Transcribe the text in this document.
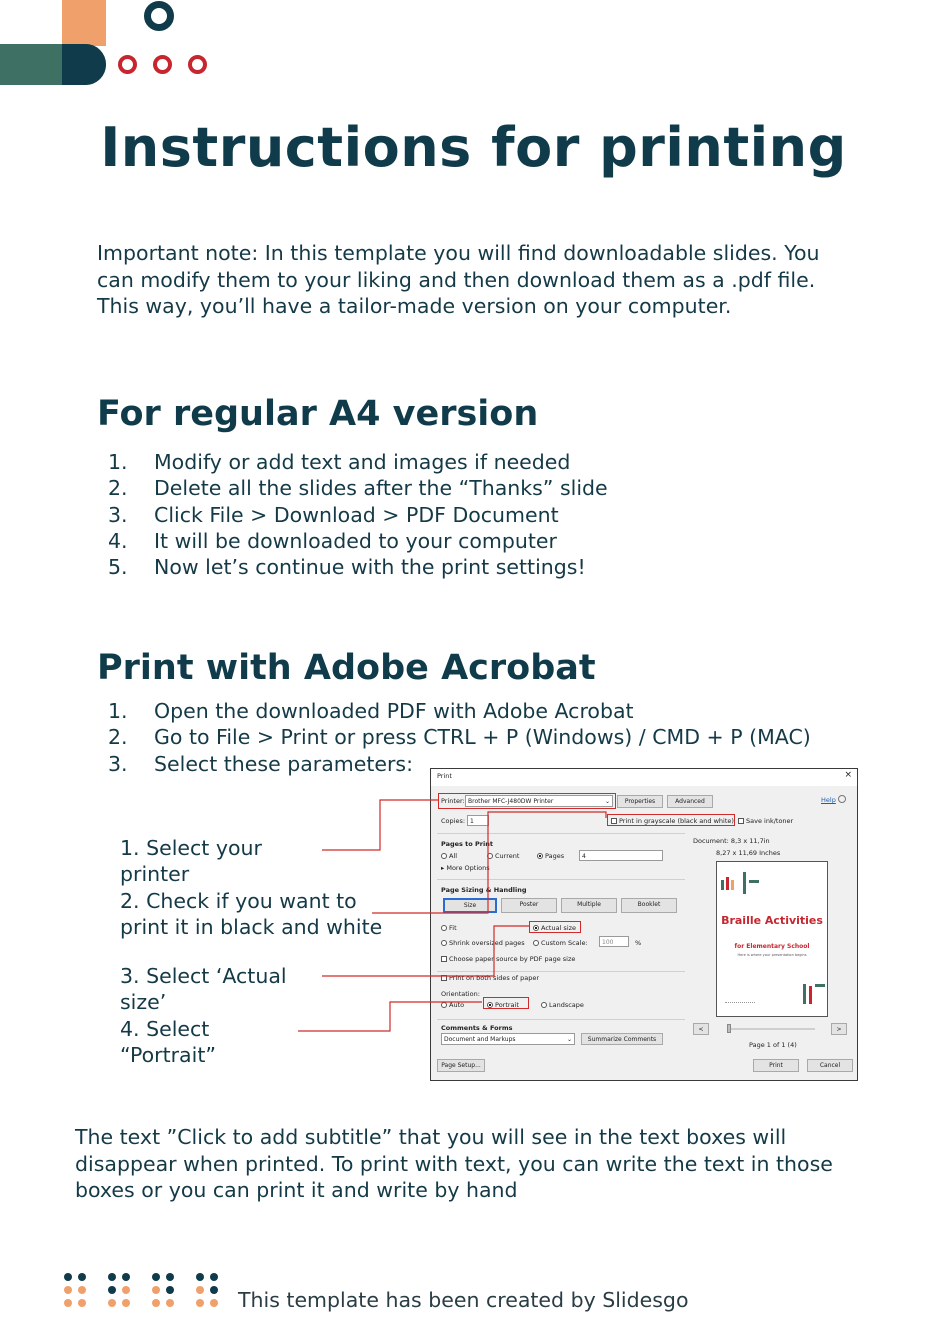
Instructions for printing
Important note: In this template you will find downloadable slides. You can modify them to your liking and then download them as a .pdf file. This way, you’ll have a tailor-made version on your computer.
For regular A4 version
1. Modify or add text and images if needed
2. Delete all the slides after the “Thanks” slide
3. Click File > Download > PDF Document
4. It will be downloaded to your computer
5. Now let’s continue with the print settings!
Print with Adobe Acrobat
1. Open the downloaded PDF with Adobe Acrobat
2. Go to File > Print or press CTRL + P (Windows) / CMD + P (MAC)
3. Select these parameters:
1. Select your printer
2. Check if you want to print it in black and white
3. Select ‘Actual size’
4. Select “Portrait”
Print	×
Printer: Brother MFC-J480DW Printer	⌄	Properties	Advanced	Help
Copies: 1	Print in grayscale (black and white)	Save ink/toner
Pages to Print
All	Current	Pages	4
▸ More Options
Page Sizing & Handling
Size	Poster	Multiple	Booklet
Fit	Actual size
Shrink oversized pages	Custom Scale:	100	%
Choose paper source by PDF page size
Print on both sides of paper
Orientation:
Auto	Portrait	Landscape
Comments & Forms
Document and Markups	⌄	Summarize Comments
Document: 8,3 x 11,7in
8,27 x 11,69 Inches
Braille Activities
for Elementary School
Here is where your presentation begins
<	>
Page 1 of 1 (4)
Page Setup...	Print	Cancel
The text ”Click to add subtitle” that you will see in the text boxes will disappear when printed. To print with text, you can write the text in those boxes or you can print it and write by hand
This template has been created by Slidesgo
